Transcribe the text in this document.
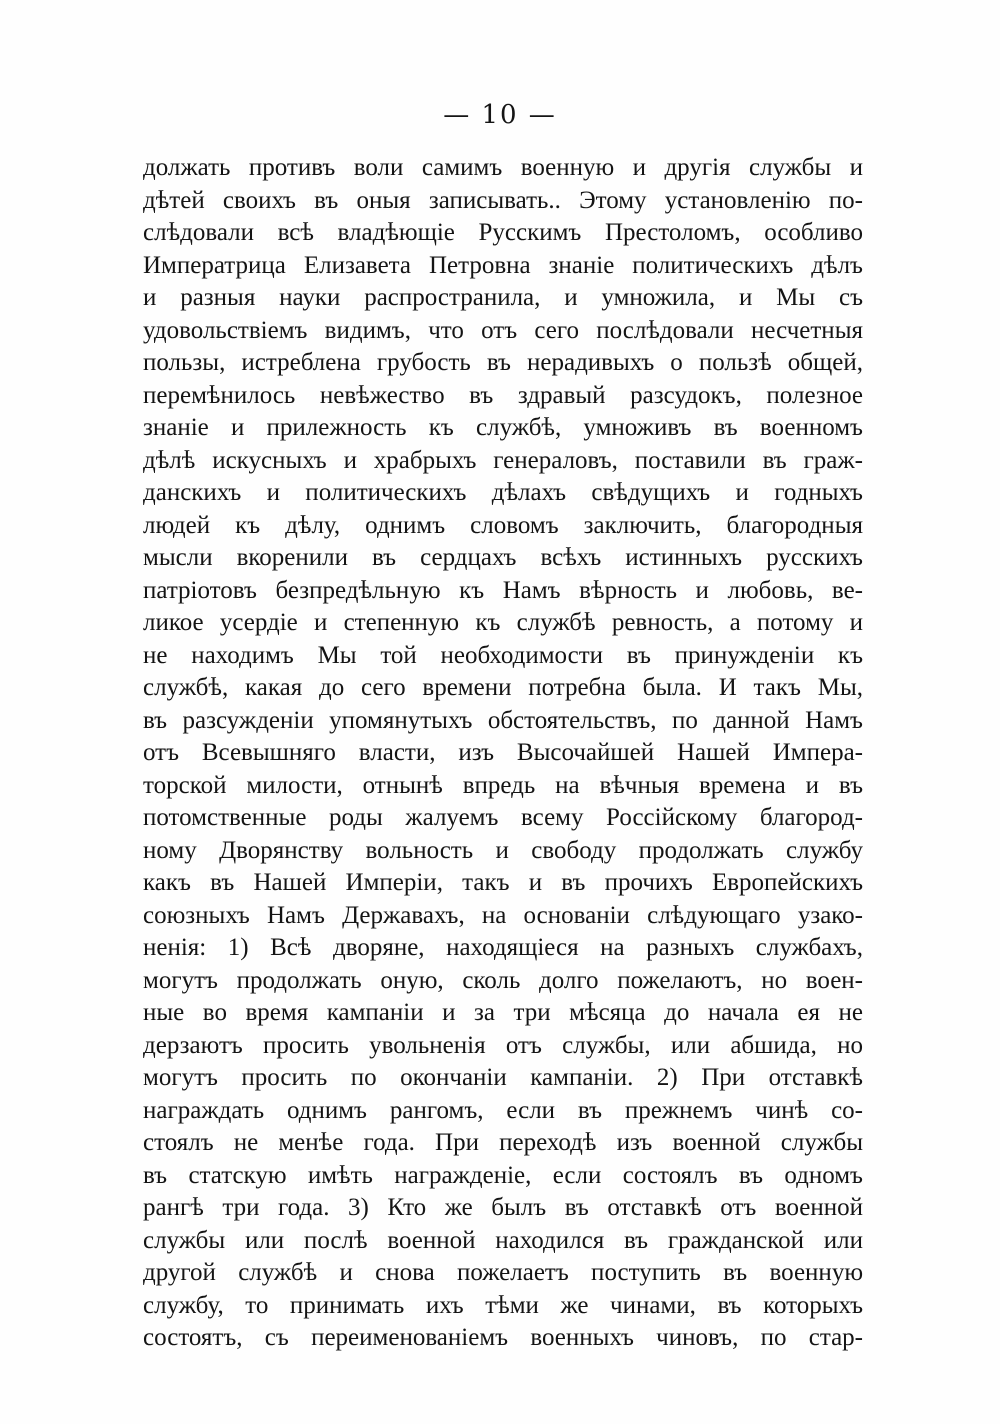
— 10 —
должать противъ воли самимъ военную и другія службы и
дѣтей своихъ въ оныя записывать.. Этому установленію по-
слѣдовали всѣ владѣющіе Русскимъ Престоломъ, особливо
Императрица Елизавета Петровна знаніе политическихъ дѣлъ
и разныя науки распространила, и умножила, и Мы съ
удовольствіемъ видимъ, что отъ сего послѣдовали несчетныя
пользы, истреблена грубость въ нерадивыхъ о пользѣ общей,
перемѣнилось невѣжество въ здравый разсудокъ, полезное
знаніе и прилежность къ службѣ, умноживъ въ военномъ
дѣлѣ искусныхъ и храбрыхъ генераловъ, поставили въ граж-
данскихъ и политическихъ дѣлахъ свѣдущихъ и годныхъ
людей къ дѣлу, однимъ словомъ заключить, благородныя
мысли вкоренили въ сердцахъ всѣхъ истинныхъ русскихъ
патріотовъ безпредѣльную къ Намъ вѣрность и любовь, ве-
ликое усердіе и степенную къ службѣ ревность, а потому и
не находимъ Мы той необходимости въ принужденіи къ
службѣ, какая до сего времени потребна была. И такъ Мы,
въ разсужденіи упомянутыхъ обстоятельствъ, по данной Намъ
отъ Всевышняго власти, изъ Высочайшей Нашей Импера-
торской милости, отнынѣ впредь на вѣчныя времена и въ
потомственные роды жалуемъ всему Россійскому благород-
ному Дворянству вольность и свободу продолжать службу
какъ въ Нашей Имперіи, такъ и въ прочихъ Европейскихъ
союзныхъ Намъ Державахъ, на основаніи слѣдующаго узако-
ненія: 1) Всѣ дворяне, находящіеся на разныхъ службахъ,
могутъ продолжать оную, сколь долго пожелаютъ, но воен-
ные во время кампаніи и за три мѣсяца до начала ея не
дерзаютъ просить увольненія отъ службы, или абшида, но
могутъ просить по окончаніи кампаніи. 2) При отставкѣ
награждать однимъ рангомъ, если въ прежнемъ чинѣ со-
стоялъ не менѣе года. При переходѣ изъ военной службы
въ статскую имѣть награжденіе, если состоялъ въ одномъ
рангѣ три года. 3) Кто же былъ въ отставкѣ отъ военной
службы или послѣ военной находился въ гражданской или
другой службѣ и снова пожелаетъ поступить въ военную
службу, то принимать ихъ тѣми же чинами, въ которыхъ
состоятъ, съ переименованіемъ военныхъ чиновъ, по стар-
